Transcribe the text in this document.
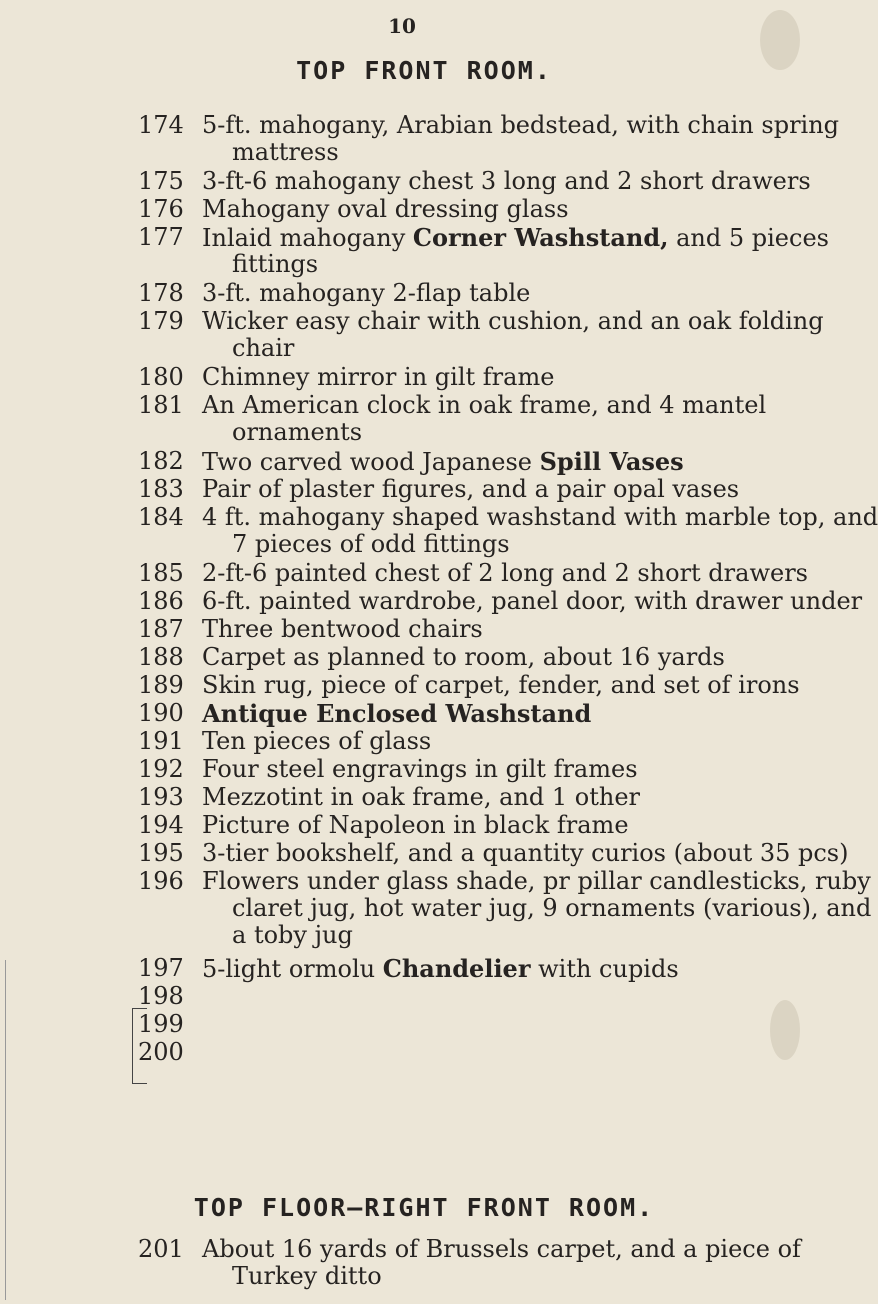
10
TOP FRONT ROOM.
174 5-ft. mahogany, Arabian bedstead, with chain spring
mattress
175 3-ft-6 mahogany chest 3 long and 2 short drawers
176 Mahogany oval dressing glass
177 Inlaid mahogany Corner Washstand, and 5 pieces
fittings
178 3-ft. mahogany 2-flap table
179 Wicker easy chair with cushion, and an oak folding
chair
180 Chimney mirror in gilt frame
181 An American clock in oak frame, and 4 mantel
ornaments
182 Two carved wood Japanese Spill Vases
183 Pair of plaster figures, and a pair opal vases
184 4 ft. mahogany shaped washstand with marble top, and
7 pieces of odd fittings
185 2-ft-6 painted chest of 2 long and 2 short drawers
186 6-ft. painted wardrobe, panel door, with drawer under
187 Three bentwood chairs
188 Carpet as planned to room, about 16 yards
189 Skin rug, piece of carpet, fender, and set of irons
190 Antique Enclosed Washstand
191 Ten pieces of glass
192 Four steel engravings in gilt frames
193 Mezzotint in oak frame, and 1 other
194 Picture of Napoleon in black frame
195 3-tier bookshelf, and a quantity curios (about 35 pcs)
196 Flowers under glass shade, pr pillar candlesticks, ruby
claret jug, hot water jug, 9 ornaments (various), and
a toby jug
197 5-light ormolu Chandelier with cupids
198
199
200
TOP FLOOR—RIGHT FRONT ROOM.
201 About 16 yards of Brussels carpet, and a piece of
Turkey ditto
